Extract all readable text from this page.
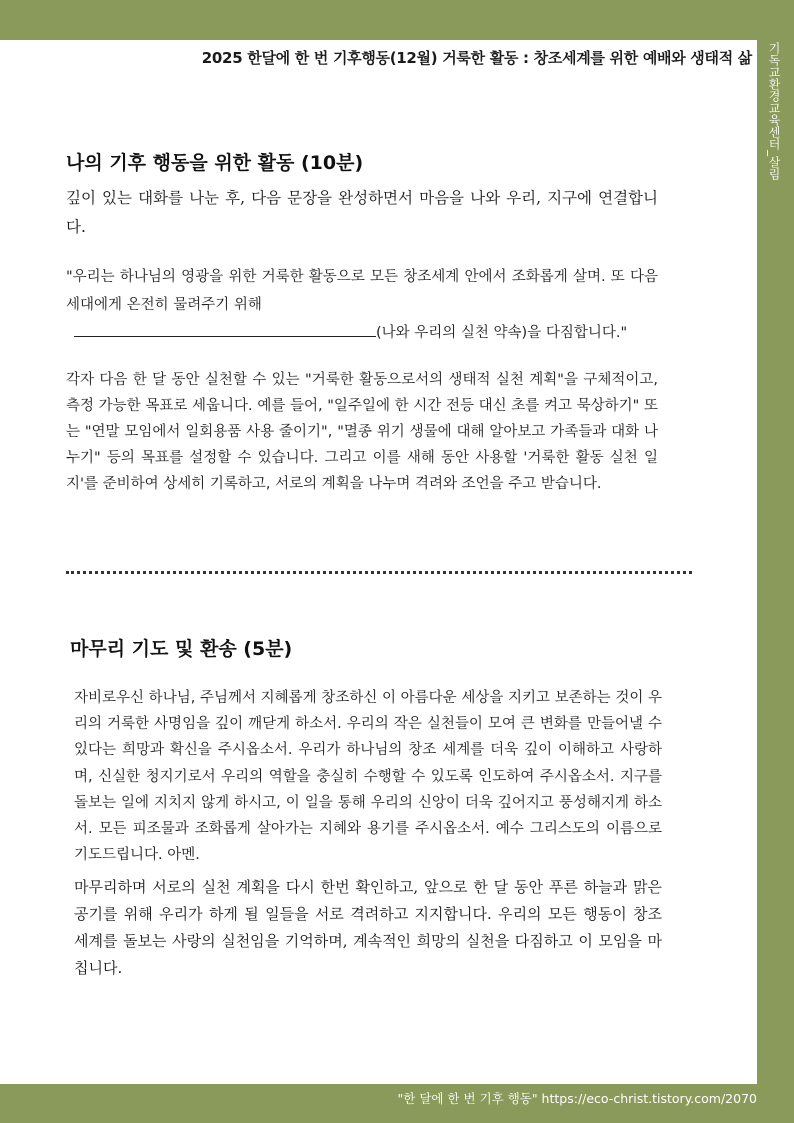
2025 한달에 한 번 기후행동(12월) 거룩한 활동 : 창조세계를 위한 예배와 생태적 삶 기독교환경교육센터_살림
나의 기후 행동을 위한 활동 (10분)
깊이 있는 대화를 나눈 후, 다음 문장을 완성하면서 마음을 나와 우리, 지구에 연결합니다.
"우리는 하나님의 영광을 위한 거룩한 활동으로 모든 창조세계 안에서 조화롭게 살며. 또 다음 세대에게 온전히 물려주기 위해
(나와 우리의 실천 약속)을 다짐합니다."
각자 다음 한 달 동안 실천할 수 있는 "거룩한 활동으로서의 생태적 실천 계획"을 구체적이고, 측정 가능한 목표로 세웁니다. 예를 들어, "일주일에 한 시간 전등 대신 초를 켜고 묵상하기" 또는 "연말 모임에서 일회용품 사용 줄이기", "멸종 위기 생물에 대해 알아보고 가족들과 대화 나누기" 등의 목표를 설정할 수 있습니다. 그리고 이를 새해 동안 사용할 '거룩한 활동 실천 일지'를 준비하여 상세히 기록하고, 서로의 계획을 나누며 격려와 조언을 주고 받습니다.
마무리 기도 및 환송 (5분)
자비로우신 하나님, 주님께서 지혜롭게 창조하신 이 아름다운 세상을 지키고 보존하는 것이 우리의 거룩한 사명임을 깊이 깨닫게 하소서. 우리의 작은 실천들이 모여 큰 변화를 만들어낼 수 있다는 희망과 확신을 주시옵소서. 우리가 하나님의 창조 세계를 더욱 깊이 이해하고 사랑하며, 신실한 청지기로서 우리의 역할을 충실히 수행할 수 있도록 인도하여 주시옵소서. 지구를 돌보는 일에 지치지 않게 하시고, 이 일을 통해 우리의 신앙이 더욱 깊어지고 풍성해지게 하소서. 모든 피조물과 조화롭게 살아가는 지혜와 용기를 주시옵소서. 예수 그리스도의 이름으로 기도드립니다. 아멘.
마무리하며 서로의 실천 계획을 다시 한번 확인하고, 앞으로 한 달 동안 푸른 하늘과 맑은 공기를 위해 우리가 하게 될 일들을 서로 격려하고 지지합니다. 우리의 모든 행동이 창조 세계를 돌보는 사랑의 실천임을 기억하며, 계속적인 희망의 실천을 다짐하고 이 모임을 마칩니다.
"한 달에 한 번 기후 행동" https://eco-christ.tistory.com/2070
